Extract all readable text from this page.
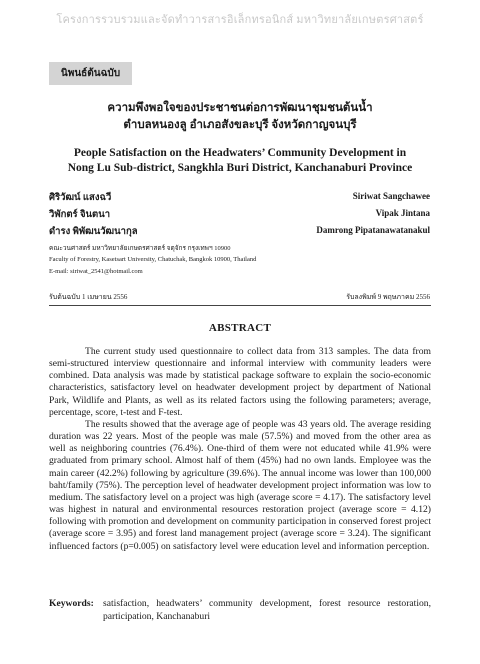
โครงการรวบรวมและจัดทำวารสารอิเล็กทรอนิกส์ มหาวิทยาลัยเกษตรศาสตร์
นิพนธ์ต้นฉบับ
ความพึงพอใจของประชาชนต่อการพัฒนาชุมชนต้นน้ำ
ตำบลหนองลู อำเภอสังขละบุรี จังหวัดกาญจนบุรี
People Satisfaction on the Headwaters’ Community Development in
Nong Lu Sub-district, Sangkhla Buri District, Kanchanaburi Province
ศิริวัฒน์ แสงฉวี
วิพักตร์ จินตนา
ดำรง พิพัฒนวัฒนากุล
Siriwat Sangchawee
Vipak Jintana
Damrong Pipatanawatanakul
คณะวนศาสตร์ มหาวิทยาลัยเกษตรศาสตร์ จตุจักร กรุงเทพฯ 10900
Faculty of Forestry, Kasetsart University, Chatuchak, Bangkok 10900, Thailand
E-mail: siriwat_2541@hotmail.com
รับต้นฉบับ 1 เมษายน 2556	รับลงพิมพ์ 9 พฤษภาคม 2556
ABSTRACT

The current study used questionnaire to collect data from 313 samples. The data from semi-structured interview questionnaire and informal interview with community leaders were combined. Data analysis was made by statistical package software to explain the socio-economic characteristics, satisfactory level on headwater development project by department of National Park, Wildlife and Plants, as well as its related factors using the following parameters; average, percentage, score, t-test and F-test.

The results showed that the average age of people was 43 years old. The average residing duration was 22 years. Most of the people was male (57.5%) and moved from the other area as well as neighboring countries (76.4%). One-third of them were not educated while 41.9% were graduated from primary school. Almost half of them (45%) had no own lands. Employee was the main career (42.2%) following by agriculture (39.6%). The annual income was lower than 100,000 baht/family (75%). The perception level of headwater development project information was low to medium. The satisfactory level on a project was high (average score = 4.17). The satisfactory level was highest in natural and environmental resources restoration project (average score = 4.12) following with promotion and development on community participation in conserved forest project (average score = 3.95) and forest land management project (average score = 3.24). The significant influenced factors (p=0.005) on satisfactory level were education level and information perception.

Keywords: satisfaction, headwaters’ community development, forest resource restoration, participation, Kanchanaburi
